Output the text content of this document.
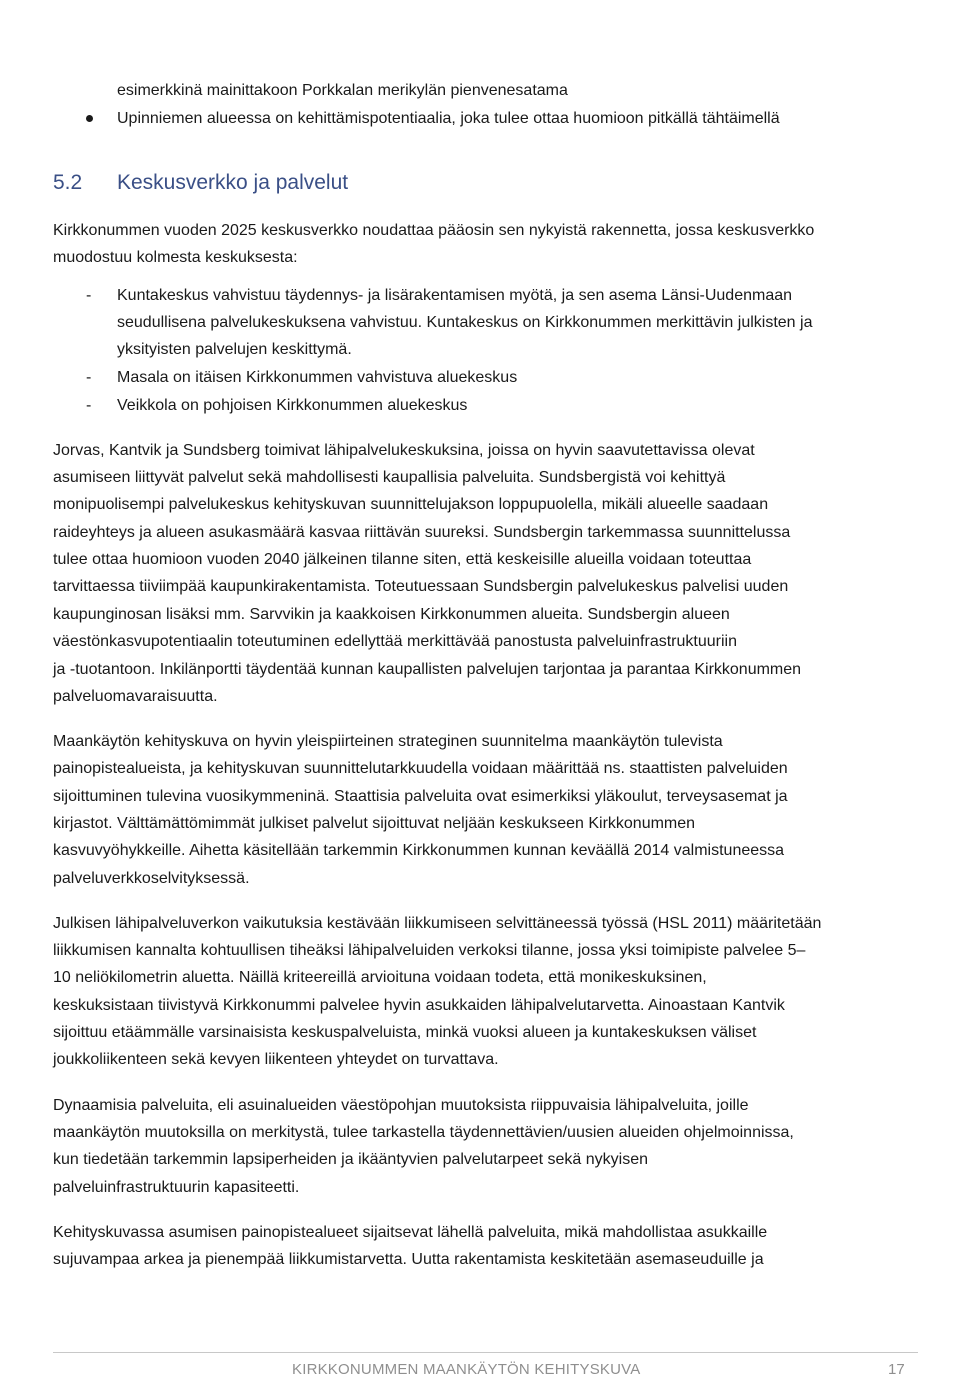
esimerkkinä mainittakoon Porkkalan merikylän pienvenesatama
Upinniemen alueessa on kehittämispotentiaalia, joka tulee ottaa huomioon pitkällä tähtäimellä
5.2 Keskusverkko ja palvelut
Kirkkonummen vuoden 2025 keskusverkko noudattaa pääosin sen nykyistä rakennetta, jossa keskusverkko
muodostuu kolmesta keskuksesta:
- Kuntakeskus vahvistuu täydennys- ja lisärakentamisen myötä, ja sen asema Länsi-Uudenmaan
seudullisena palvelukeskuksena vahvistuu. Kuntakeskus on Kirkkonummen merkittävin julkisten ja
yksityisten palvelujen keskittymä.
- Masala on itäisen Kirkkonummen vahvistuva aluekeskus
- Veikkola on pohjoisen Kirkkonummen aluekeskus
Jorvas, Kantvik ja Sundsberg toimivat lähipalvelukeskuksina, joissa on hyvin saavutettavissa olevat
asumiseen liittyvät palvelut sekä mahdollisesti kaupallisia palveluita. Sundsbergistä voi kehittyä
monipuolisempi palvelukeskus kehityskuvan suunnittelujakson loppupuolella, mikäli alueelle saadaan
raideyhteys ja alueen asukasmäärä kasvaa riittävän suureksi. Sundsbergin tarkemmassa suunnittelussa
tulee ottaa huomioon vuoden 2040 jälkeinen tilanne siten, että keskeisille alueilla voidaan toteuttaa
tarvittaessa tiiviimpää kaupunkirakentamista. Toteutuessaan Sundsbergin palvelukeskus palvelisi uuden
kaupunginosan lisäksi mm. Sarvvikin ja kaakkoisen Kirkkonummen alueita. Sundsbergin alueen
väestönkasvupotentiaalin toteutuminen edellyttää merkittävää panostusta palveluinfrastruktuuriin
ja -tuotantoon. Inkilänportti täydentää kunnan kaupallisten palvelujen tarjontaa ja parantaa Kirkkonummen
palveluomavaraisuutta.
Maankäytön kehityskuva on hyvin yleispiirteinen strateginen suunnitelma maankäytön tulevista
painopistealueista, ja kehityskuvan suunnittelutarkkuudella voidaan määrittää ns. staattisten palveluiden
sijoittuminen tulevina vuosikymmeninä. Staattisia palveluita ovat esimerkiksi yläkoulut, terveysasemat ja
kirjastot. Välttämättömimmät julkiset palvelut sijoittuvat neljään keskukseen Kirkkonummen
kasvuvyöhykkeille. Aihetta käsitellään tarkemmin Kirkkonummen kunnan keväällä 2014 valmistuneessa
palveluverkkoselvityksessä.
Julkisen lähipalveluverkon vaikutuksia kestävään liikkumiseen selvittäneessä työssä (HSL 2011) määritetään
liikkumisen kannalta kohtuullisen tiheäksi lähipalveluiden verkoksi tilanne, jossa yksi toimipiste palvelee 5–
10 neliökilometrin aluetta. Näillä kriteereillä arvioituna voidaan todeta, että monikeskuksinen,
keskuksistaan tiivistyvä Kirkkonummi palvelee hyvin asukkaiden lähipalvelutarvetta. Ainoastaan Kantvik
sijoittuu etäämmälle varsinaisista keskuspalveluista, minkä vuoksi alueen ja kuntakeskuksen väliset
joukkoliikenteen sekä kevyen liikenteen yhteydet on turvattava.
Dynaamisia palveluita, eli asuinalueiden väestöpohjan muutoksista riippuvaisia lähipalveluita, joille
maankäytön muutoksilla on merkitystä, tulee tarkastella täydennettävien/uusien alueiden ohjelmoinnissa,
kun tiedetään tarkemmin lapsiperheiden ja ikääntyvien palvelutarpeet sekä nykyisen
palveluinfrastruktuurin kapasiteetti.
Kehityskuvassa asumisen painopistealueet sijaitsevat lähellä palveluita, mikä mahdollistaa asukkaille
sujuvampaa arkea ja pienempää liikkumistarvetta. Uutta rakentamista keskitetään asemaseuduille ja
KIRKKONUMMEN MAANKÄYTÖN KEHITYSKUVA	17
